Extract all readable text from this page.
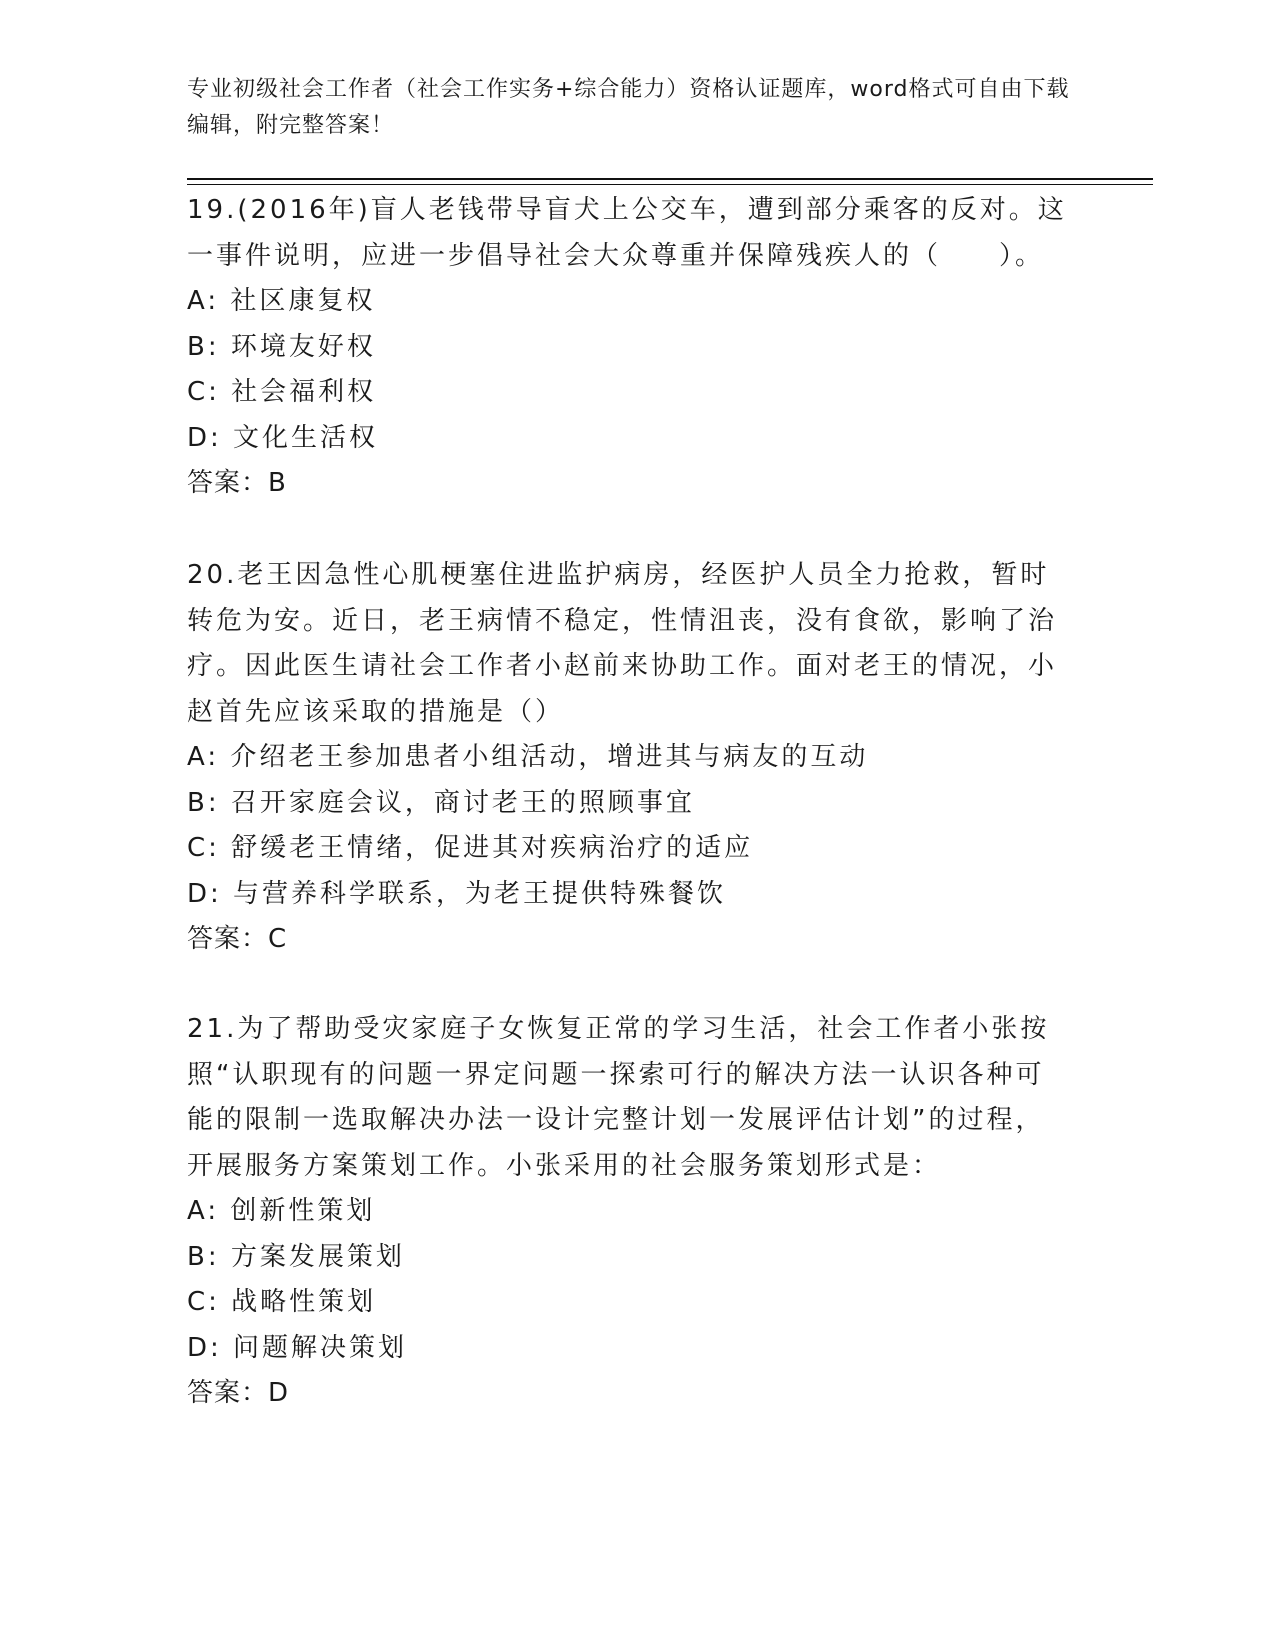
专业初级社会工作者（社会工作实务+综合能力）资格认证题库，word格式可自由下载编辑，附完整答案！

19.(2016年)盲人老钱带导盲犬上公交车，遭到部分乘客的反对。这一事件说明，应进一步倡导社会大众尊重并保障残疾人的（　　）。

A: 社区康复权

B: 环境友好权

C: 社会福利权

D: 文化生活权

答案：B

20.老王因急性心肌梗塞住进监护病房，经医护人员全力抢救，暂时转危为安。近日，老王病情不稳定，性情沮丧，没有食欲，影响了治疗。因此医生请社会工作者小赵前来协助工作。面对老王的情况，小赵首先应该采取的措施是（）

A: 介绍老王参加患者小组活动，增进其与病友的互动

B: 召开家庭会议，商讨老王的照顾事宜

C: 舒缓老王情绪，促进其对疾病治疗的适应

D: 与营养科学联系，为老王提供特殊餐饮

答案：C

21.为了帮助受灾家庭子女恢复正常的学习生活，社会工作者小张按照“认职现有的问题一界定问题一探索可行的解决方法一认识各种可能的限制一选取解决办法一设计完整计划一发展评估计划”的过程，开展服务方案策划工作。小张采用的社会服务策划形式是：

A: 创新性策划

B: 方案发展策划

C: 战略性策划

D: 问题解决策划

答案：D
